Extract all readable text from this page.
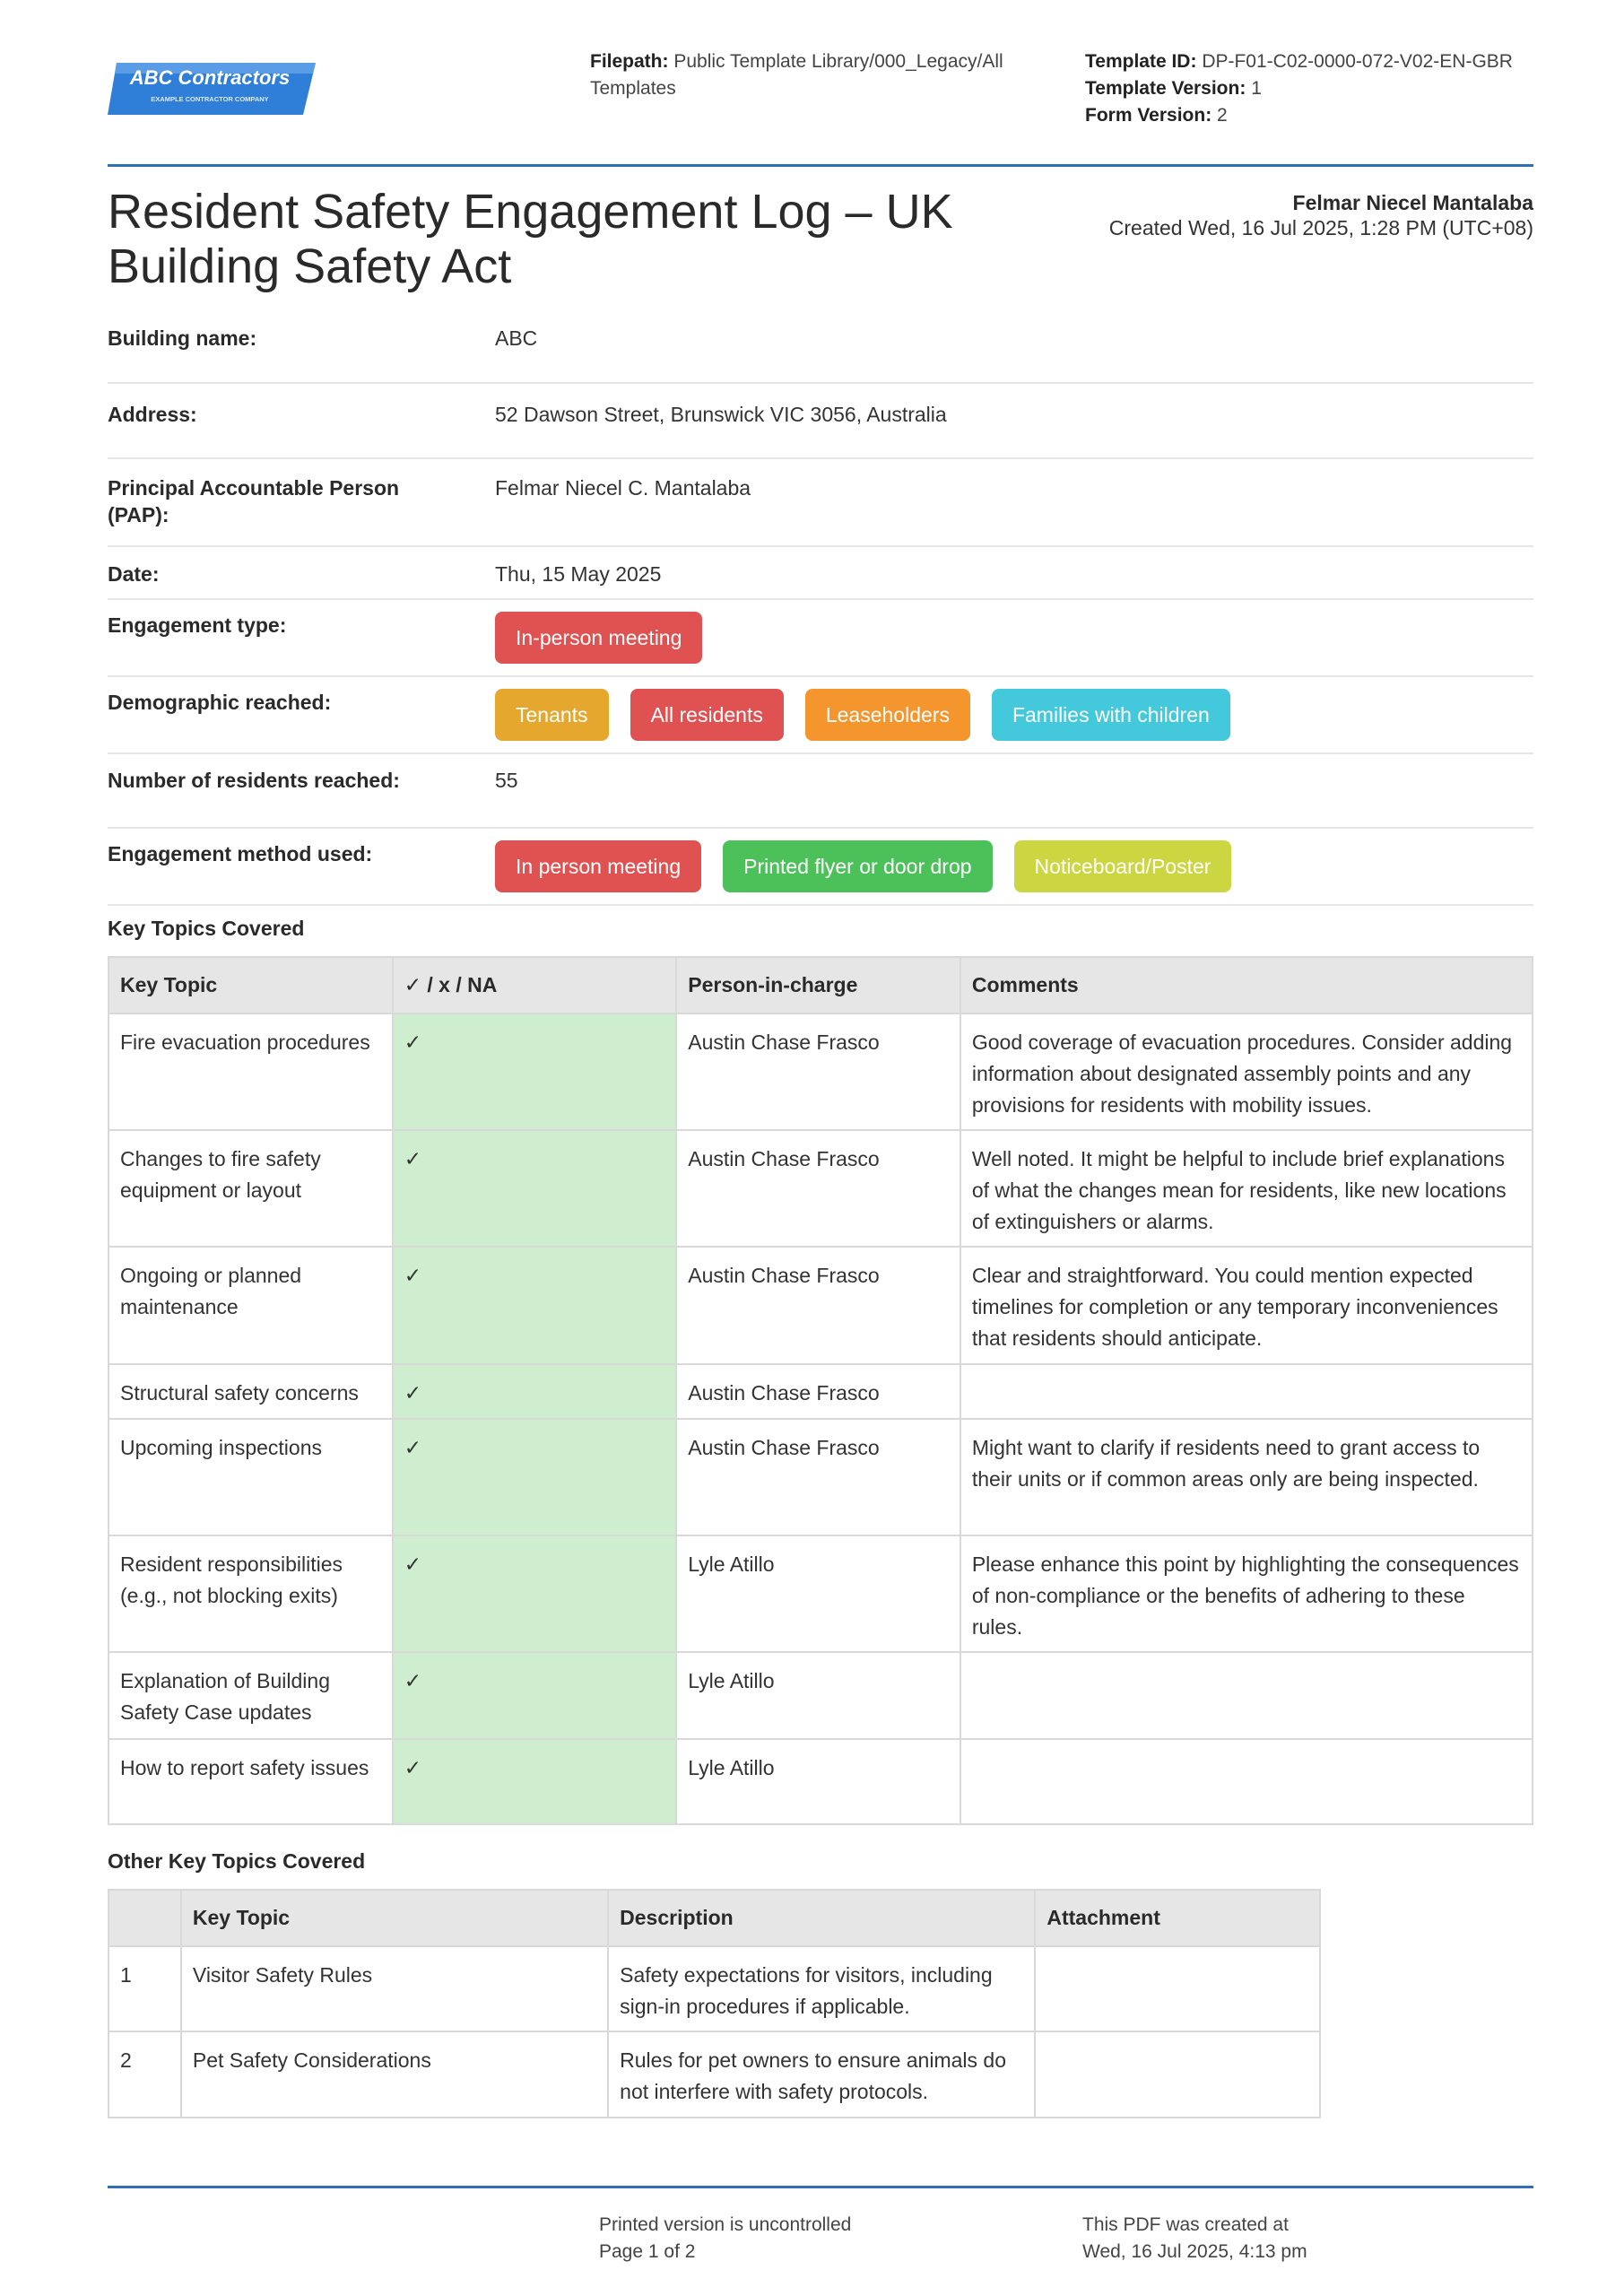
ABC Contractors
EXAMPLE CONTRACTOR COMPANY
Filepath: Public Template Library/000_Legacy/All Templates
Template ID: DP-F01-C02-0000-072-V02-EN-GBR
Template Version: 1
Form Version: 2
Resident Safety Engagement Log – UK Building Safety Act
Felmar Niecel Mantalaba
Created Wed, 16 Jul 2025, 1:28 PM (UTC+08)
Building name:	ABC
Address:	52 Dawson Street, Brunswick VIC 3056, Australia
Principal Accountable Person (PAP):
Felmar Niecel C. Mantalaba
Date:	Thu, 15 May 2025
Engagement type:
In-person meeting
Demographic reached:
Tenants	All residents	Leaseholders	Families with children
Number of residents reached:	55
Engagement method used:
In person meeting	Printed flyer or door drop	Noticeboard/Poster
Key Topics Covered
Key Topic	✓ / x / NA	Person-in-charge	Comments
Fire evacuation procedures	✓	Austin Chase Frasco	Good coverage of evacuation procedures. Consider adding information about designated assembly points and any provisions for residents with mobility issues.
Changes to fire safety equipment or layout	✓	Austin Chase Frasco	Well noted. It might be helpful to include brief explanations of what the changes mean for residents, like new locations of extinguishers or alarms.
Ongoing or planned maintenance	✓	Austin Chase Frasco	Clear and straightforward. You could mention expected timelines for completion or any temporary inconveniences that residents should anticipate.
Structural safety concerns	✓	Austin Chase Frasco	
Upcoming inspections	✓	Austin Chase Frasco	Might want to clarify if residents need to grant access to their units or if common areas only are being inspected.
Resident responsibilities (e.g., not blocking exits)	✓	Lyle Atillo	Please enhance this point by highlighting the consequences of non-compliance or the benefits of adhering to these rules.
Explanation of Building Safety Case updates	✓	Lyle Atillo	
How to report safety issues	✓	Lyle Atillo	
Other Key Topics Covered
	Key Topic	Description	Attachment
1	Visitor Safety Rules	Safety expectations for visitors, including sign-in procedures if applicable.	
2	Pet Safety Considerations	Rules for pet owners to ensure animals do not interfere with safety protocols.	
Printed version is uncontrolled
Page 1 of 2
This PDF was created at
Wed, 16 Jul 2025, 4:13 pm
